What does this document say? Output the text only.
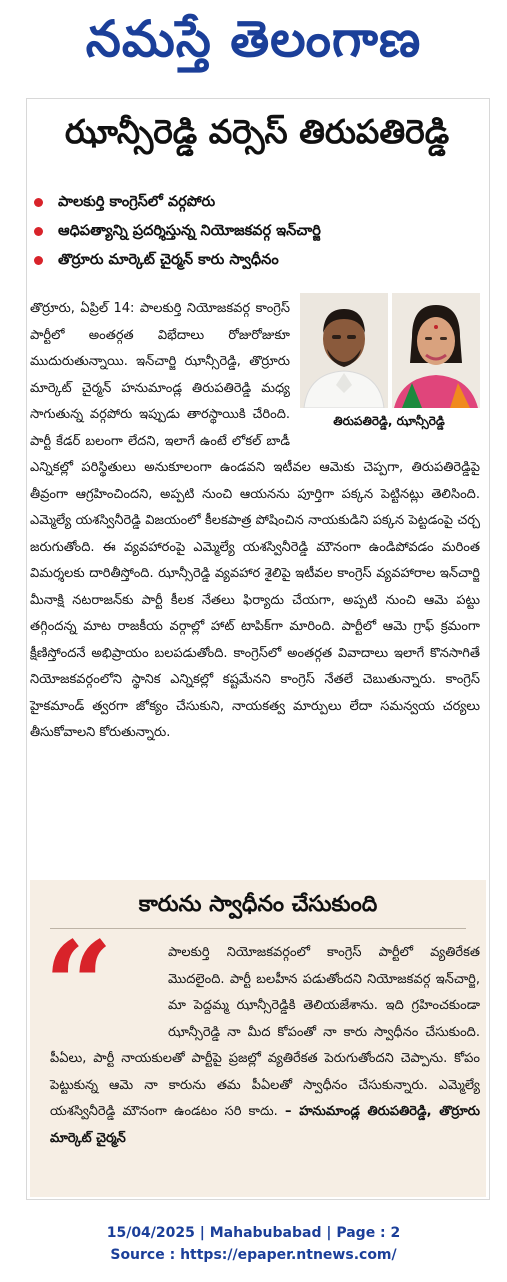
నమస్తే తెలంగాణ
ఝాన్సీరెడ్డి వర్సెస్ తిరుపతిరెడ్డి
పాలకుర్తి కాంగ్రెస్‌లో వర్గపోరు
ఆధిపత్యాన్ని ప్రదర్శిస్తున్న నియోజకవర్గ ఇన్‌చార్జి
తొర్రూరు మార్కెట్ చైర్మన్ కారు స్వాధీనం
తొర్రూరు, ఏప్రిల్ 14: పాలకుర్తి నియోజకవర్గ కాంగ్రెస్ పార్టీలో అంతర్గత విభేదాలు రోజురోజుకూ ముదురుతున్నాయి. ఇన్‌చార్జి ఝాన్సీరెడ్డి, తొర్రూరు మార్కెట్ చైర్మన్ హనుమాండ్ల తిరుపతిరెడ్డి మధ్య సాగుతున్న వర్గపోరు ఇప్పుడు తారస్థాయికి చేరింది. పార్టీ కేడర్ బలంగా లేదని, ఇలాగే ఉంటే లోకల్ బాడీ ఎన్నికల్లో పరిస్థితులు అనుకూలంగా ఉండవని ఇటీవల ఆమెకు చెప్పగా, తిరుపతిరెడ్డిపై తీవ్రంగా ఆగ్రహించిందని, అప్పటి నుంచి ఆయనను పూర్తిగా పక్కన పెట్టినట్లు తెలిసింది. ఎమ్మెల్యే యశస్వినీరెడ్డి విజయంలో కీలకపాత్ర పోషించిన నాయకుడిని పక్కన పెట్టడంపై చర్చ జరుగుతోంది. ఈ వ్యవహారంపై ఎమ్మెల్యే యశస్వినీరెడ్డి మౌనంగా ఉండిపోవడం మరింత విమర్శలకు దారితీస్తోంది. ఝాన్సీరెడ్డి వ్యవహార శైలిపై ఇటీవల కాంగ్రెస్ వ్యవహారాల ఇన్‌చార్జి మీనాక్షి నటరాజన్‌కు పార్టీ కీలక నేతలు ఫిర్యాదు చేయగా, అప్పటి నుంచి ఆమె పట్టు తగ్గిందన్న మాట రాజకీయ వర్గాల్లో హాట్ టాపిక్‌గా మారింది. పార్టీలో ఆమె గ్రాఫ్ క్రమంగా క్షీణిస్తోందనే అభిప్రాయం బలపడుతోంది. కాంగ్రెస్‌లో అంతర్గత వివాదాలు ఇలాగే కొనసాగితే నియోజకవర్గంలోని స్థానిక ఎన్నికల్లో కష్టమేనని కాంగ్రెస్ నేతలే చెబుతున్నారు. కాంగ్రెస్ హైకమాండ్ త్వరగా జోక్యం చేసుకుని, నాయకత్వ మార్పులు లేదా సమన్వయ చర్యలు తీసుకోవాలని కోరుతున్నారు.
తిరుపతిరెడ్డి, ఝాన్సీరెడ్డి
కారును స్వాధీనం చేసుకుంది
“	పాలకుర్తి నియోజకవర్గంలో కాంగ్రెస్ పార్టీలో వ్యతిరేకత మొదలైంది. పార్టీ బలహీన పడుతోందని నియోజకవర్గ ఇన్‌చార్జి, మా పెద్దమ్మ ఝాన్సీరెడ్డికి తెలియజేశాను. ఇది గ్రహించకుండా ఝాన్సీరెడ్డి నా మీద కోపంతో నా కారు స్వాధీనం చేసుకుంది. పీఏలు, పార్టీ నాయకులతో పార్టీపై ప్రజల్లో వ్యతిరేకత పెరుగుతోందని చెప్పాను. కోపం పెట్టుకున్న ఆమె నా కారును తమ పీఏలతో స్వాధీనం చేసుకున్నారు. ఎమ్మెల్యే యశస్వినీరెడ్డి మౌనంగా ఉండటం సరి కాదు. – హనుమాండ్ల తిరుపతిరెడ్డి, తొర్రూరు మార్కెట్ చైర్మన్
15/04/2025 | Mahabubabad | Page : 2
Source : https://epaper.ntnews.com/
